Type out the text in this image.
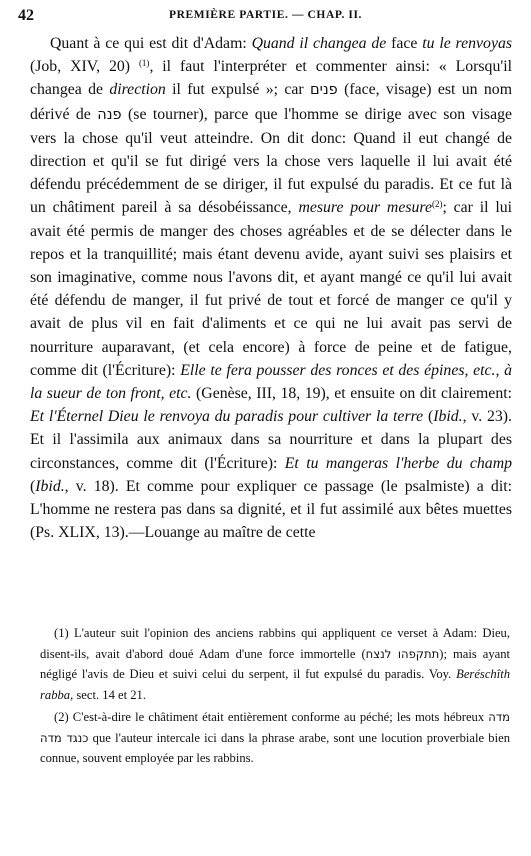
42	PREMIÈRE PARTIE. — CHAP. II.

Quant à ce qui est dit d'Adam: Quand il changea de face tu le renvoyas (Job, XIV, 20) $^{(1)}$, il faut l'interpréter et commenter ainsi: « Lorsqu'il changea de direction il fut expulsé »; car פנים (face, visage) est un nom dérivé de פנה (se tourner), parce que l'homme se dirige avec son visage vers la chose qu'il veut atteindre. On dit donc: Quand il eut changé de direction et qu'il se fut dirigé vers la chose vers laquelle il lui avait été défendu précédemment de se diriger, il fut expulsé du paradis. Et ce fut là un châtiment pareil à sa désobéissance, mesure pour mesure$^{(2)}$; car il lui avait été permis de manger des choses agréables et de se délecter dans le repos et la tranquillité; mais étant devenu avide, ayant suivi ses plaisirs et son imaginative, comme nous l'avons dit, et ayant mangé ce qu'il lui avait été défendu de manger, il fut privé de tout et forcé de manger ce qu'il y avait de plus vil en fait d'aliments et ce qui ne lui avait pas servi de nourriture auparavant, (et cela encore) à force de peine et de fatigue, comme dit (l'Écriture): Elle te fera pousser des ronces et des épines, etc., à la sueur de ton front, etc. (Genèse, III, 18, 19), et ensuite on dit clairement: Et l'Éternel Dieu le renvoya du paradis pour cultiver la terre (Ibid., v. 23). Et il l'assimila aux animaux dans sa nourriture et dans la plupart des circonstances, comme dit (l'Écriture): Et tu mangeras l'herbe du champ (Ibid., v. 18). Et comme pour expliquer ce passage (le psalmiste) a dit: L'homme ne restera pas dans sa dignité, et il fut assimilé aux bêtes muettes (Ps. XLIX, 13).—Louange au maître de cette

(1) L'auteur suit l'opinion des anciens rabbins qui appliquent ce verset à Adam: Dieu, disent-ils, avait d'abord doué Adam d'une force immortelle (תתקפהו לנצח); mais ayant négligé l'avis de Dieu et suivi celui du serpent, il fut expulsé du paradis. Voy. Beréschîth rabba, sect. 14 et 21.

(2) C'est-à-dire le châtiment était entièrement conforme au péché; les mots hébreux מדה כנגד מדה que l'auteur intercale ici dans la phrase arabe, sont une locution proverbiale bien connue, souvent employée par les rabbins.
